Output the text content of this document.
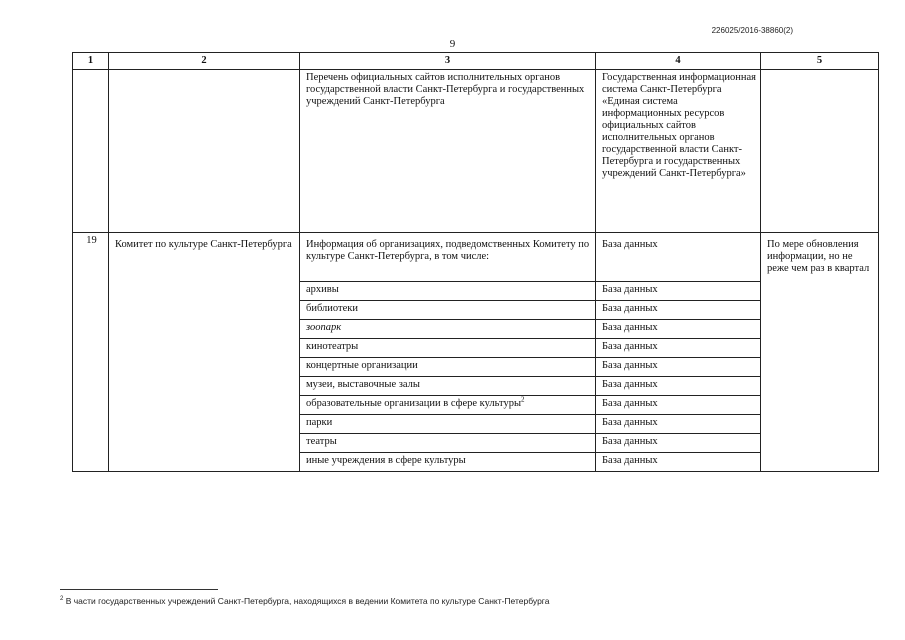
226025/2016-38860(2)
9
1	2	3	4	5
		Перечень официальных сайтов исполнительных органов государственной власти Санкт-Петербурга и государственных учреждений Санкт-Петербурга	Государственная информационная система Санкт-Петербурга «Единая система информационных ресурсов официальных сайтов исполнительных органов государственной власти Санкт-Петербурга и государственных учреждений Санкт-Петербурга»	
19	Комитет по культуре Санкт-Петербурга	Информация об организациях, подведомственных Комитету по культуре Санкт-Петербурга, в том числе:	База данных	По мере обновления информации, но не реже чем раз в квартал
		архивы	База данных	
		библиотеки	База данных	
		зоопарк	База данных	
		кинотеатры	База данных	
		концертные организации	База данных	
		музеи, выставочные залы	База данных	
		образовательные организации в сфере культуры$^2$	База данных	
		парки	База данных	
		театры	База данных	
		иные учреждения в сфере культуры	База данных	
$^2$ В части государственных учреждений Санкт-Петербурга, находящихся в ведении Комитета по культуре Санкт-Петербурга
